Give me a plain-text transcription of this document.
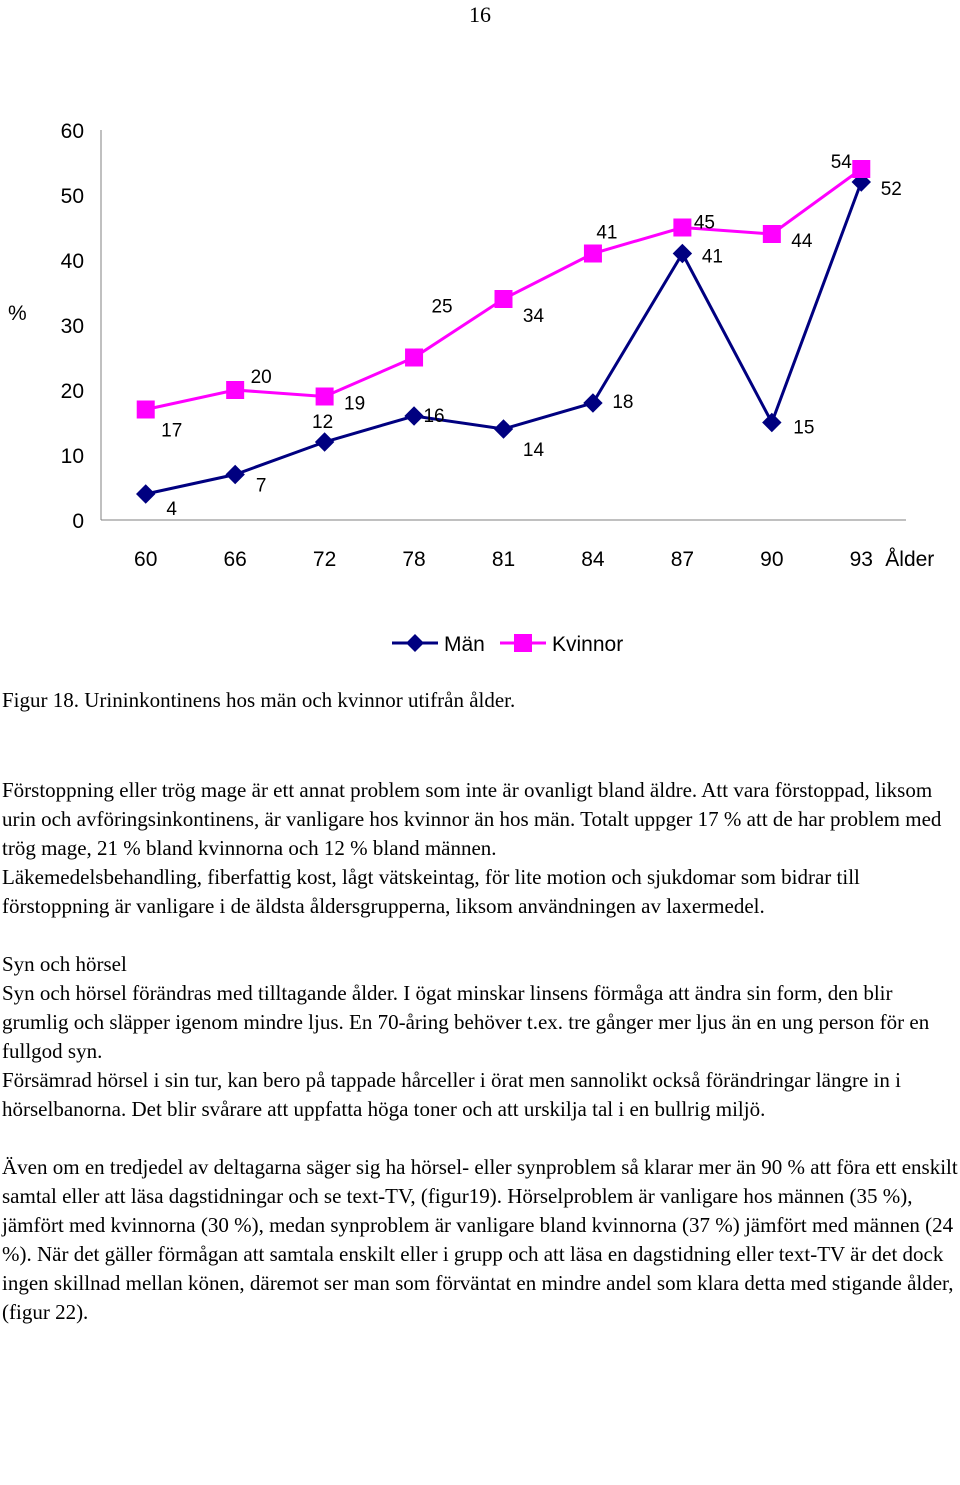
16
0
10
20
30
40
50
60
%
60	66	72	78	81	84	87	90	93 Ålder
4
7
12	16
14
18
41
15
52
17
20
19
25	34
41	45
44
54
Män	Kvinnor
Figur 18. Urininkontinens hos män och kvinnor utifrån ålder.

Förstoppning eller trög mage är ett annat problem som inte är ovanligt bland äldre. Att vara förstoppad, liksom urin och avföringsinkontinens, är vanligare hos kvinnor än hos män. Totalt uppger 17 % att de har problem med trög mage, 21 % bland kvinnorna och 12 % bland männen.

Läkemedelsbehandling, fiberfattig kost, lågt vätskeintag, för lite motion och sjukdomar som bidrar till förstoppning är vanligare i de äldsta åldersgrupperna, liksom användningen av laxermedel.

Syn och hörsel

Syn och hörsel förändras med tilltagande ålder. I ögat minskar linsens förmåga att ändra sin form, den blir grumlig och släpper igenom mindre ljus. En 70-åring behöver t.ex. tre gånger mer ljus än en ung person för en fullgod syn.

Försämrad hörsel i sin tur, kan bero på tappade hårceller i örat men sannolikt också förändringar längre in i hörselbanorna. Det blir svårare att uppfatta höga toner och att urskilja tal i en bullrig miljö.

Även om en tredjedel av deltagarna säger sig ha hörsel- eller synproblem så klarar mer än 90 % att föra ett enskilt samtal eller att läsa dagstidningar och se text-TV, (figur19). Hörselproblem är vanligare hos männen (35 %), jämfört med kvinnorna (30 %), medan synproblem är vanligare bland kvinnorna (37 %) jämfört med männen (24 %). När det gäller förmågan att samtala enskilt eller i grupp och att läsa en dagstidning eller text-TV är det dock ingen skillnad mellan könen, däremot ser man som förväntat en mindre andel som klara detta med stigande ålder, (figur 22).
